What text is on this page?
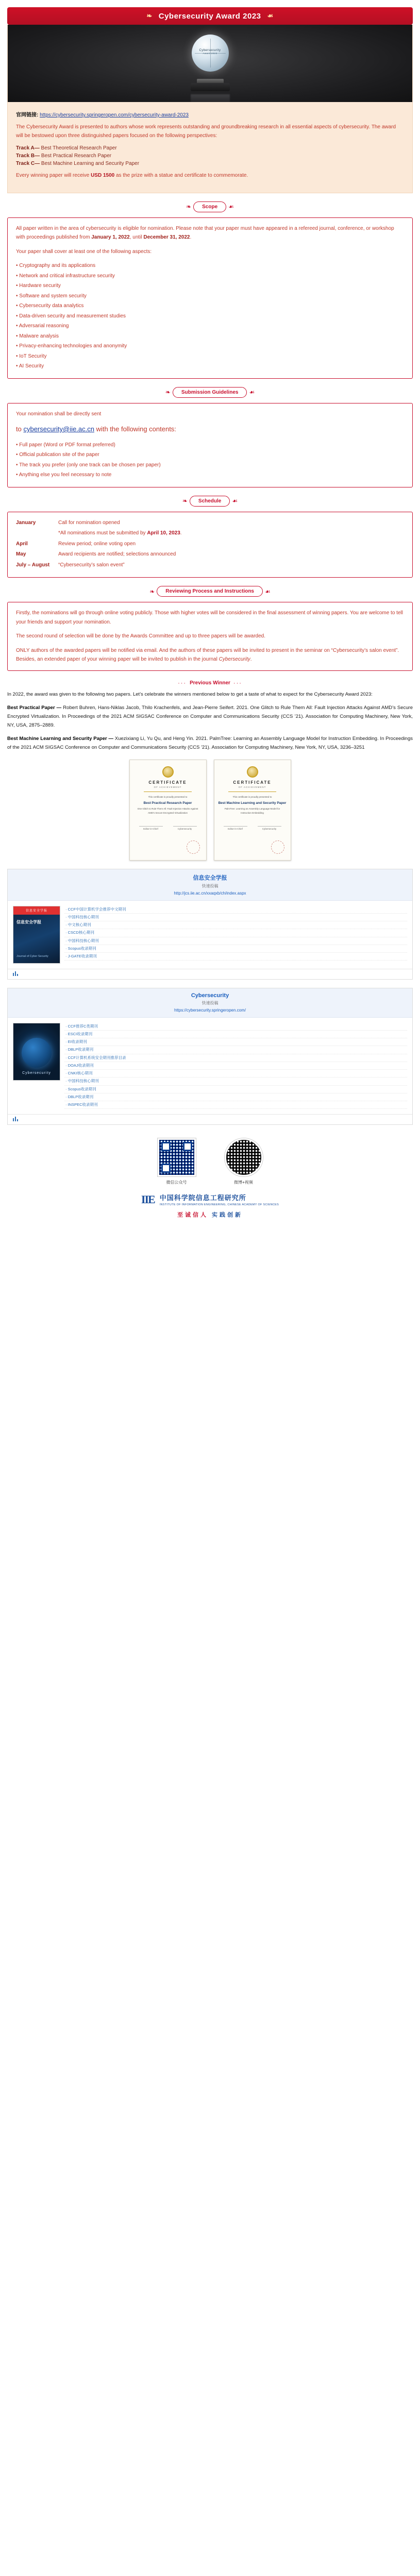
❧ Cybersecurity Award 2023 ☙
Cybersecurity
Award 2023
官网链接: https://cybersecurity.springeropen.com/cybersecurity-award-2023

The Cybersecurity Award is presented to authors whose work represents outstanding and groundbreaking research in all essential aspects of cybersecurity. The award will be bestowed upon three distinguished papers focused on the following perspectives:

Track A— Best Theoretical Research Paper
Track B— Best Practical Research Paper
Track C— Best Machine Learning and Security Paper

Every winning paper will receive USD 1500 as the prize with a statue and certificate to commemorate.

❧	Scope	☙

All paper written in the area of cybersecurity is eligible for nomination. Please note that your paper must have appeared in a refereed journal, conference, or workshop with proceedings published from January 1, 2022, until December 31, 2022.

Your paper shall cover at least one of the following aspects:

• Cryptography and its applications
• Network and critical infrastructure security
• Hardware security
• Software and system security
• Cybersecurity data analytics
• Data-driven security and measurement studies
• Adversarial reasoning
• Malware analysis
• Privacy-enhancing technologies and anonymity
• IoT Security
• AI Security
❧	Submission Guidelines	☙

Your nomination shall be directly sent

to cybersecurity@iie.ac.cn with the following contents:

• Full paper (Word or PDF format preferred)
• Official publication site of the paper
• The track you prefer (only one track can be chosen per paper)
• Anything else you feel necessary to note
❧	Schedule	☙
January	Call for nomination opened
*All nominations must be submitted by April 10, 2023.
April	Review period; online voting open
May	Award recipients are notified; selections announced
July – August “Cybersecurity’s salon event”
❧	Reviewing Process and Instructions	☙

Firstly, the nominations will go through online voting publicly. Those with higher votes will be considered in the final assessment of winning papers. You are welcome to tell your friends and support your nomination.

The second round of selection will be done by the Awards Committee and up to three papers will be awarded.

ONLY authors of the awarded papers will be notified via email. And the authors of these papers will be invited to present in the seminar on “Cybersecurity’s salon event”. Besides, an extended paper of your winning paper will be invited to publish in the journal Cybersecurity.

··· Previous Winner ···

In 2022, the award was given to the following two papers. Let’s celebrate the winners mentioned below to get a taste of what to expect for the Cybersecurity Award 2023:

Best Practical Paper — Robert Buhren, Hans-Niklas Jacob, Thilo Krachenfels, and Jean-Pierre Seifert. 2021. One Glitch to Rule Them All: Fault Injection Attacks Against AMD’s Secure Encrypted Virtualization. In Proceedings of the 2021 ACM SIGSAC Conference on Computer and Communications Security (CCS ’21). Association for Computing Machinery, New York, NY, USA, 2875–2889.

Best Machine Learning and Security Paper — Xuezixiang Li, Yu Qu, and Heng Yin. 2021. PalmTree: Learning an Assembly Language Model for Instruction Embedding. In Proceedings of the 2021 ACM SIGSAC Conference on Computer and Communications Security (CCS ’21). Association for Computing Machinery, New York, NY, USA, 3236–3251

CERTIFICATE
OF ACHIEVEMENT
This certificate is proudly presented to
Best Practical Research Paper
One Glitch to Rule Them All: Fault Injection Attacks Against AMD’s Secure Encrypted Virtualization
Editor-in-Chief	Cybersecurity
CERTIFICATE
OF ACHIEVEMENT
This certificate is proudly presented to
Best Machine Learning and Security Paper
PalmTree: Learning an Assembly Language Model for Instruction Embedding
Editor-in-Chief	Cybersecurity
信息安全学报
快速投稿
http://jcs.iie.ac.cn/xxaqxb/ch/index.aspx
信息安全学报
信息安全学报
Journal of Cyber Security
· CCF中国计算机学会推荐中文期刊
· 中国科技核心期刊
· 中文核心期刊
· CSCD核心期刊
· 中国科技核心期刊
· Scopus收录期刊
· J-GATE收录期刊
Cybersecurity
快速投稿
https://cybersecurity.springeropen.com/
Cybersecurity
· CCF推荐C类期刊
· ESCI收录期刊
· EI收录期刊
· DBLP收录期刊
· CCF计算机系统安全期刊推荐目录
· DOAJ收录期刊
· CNKI核心期刊
· 中国科技核心期刊
· Scopus收录期刊
· DBLP收录期刊
· INSPEC收录期刊
微信公众号	微博+视频
IIE 中国科学院信息工程研究所
INSTITUTE OF INFORMATION ENGINEERING, CHINESE ACADEMY OF SCIENCES
至诚信人 实践创新
